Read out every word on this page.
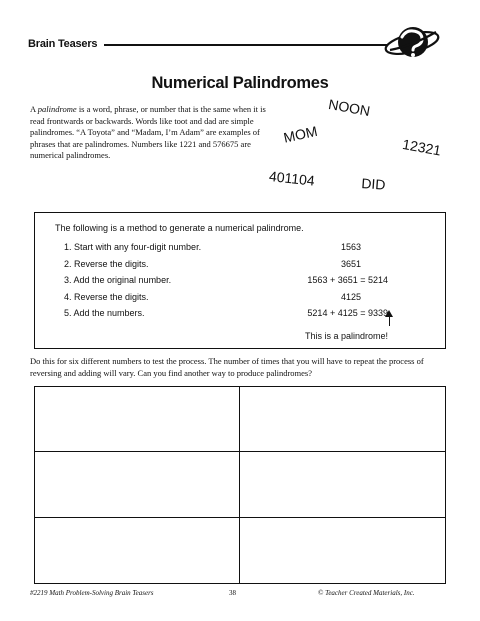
Brain Teasers
Numerical Palindromes
A palindrome is a word, phrase, or number that is the same when it is read frontwards or backwards. Words like toot and dad are simple palindromes. “A Toyota” and “Madam, I’m Adam” are examples of phrases that are palindromes. Numbers like 1221 and 576675 are numerical palindromes.
NOON
MOM
12321
401104	DID
The following is a method to generate a numerical palindrome.
1. Start with any four-digit number.	1563
2. Reverse the digits.	3651
3. Add the original number.	1563 + 3651 = 5214
4. Reverse the digits.	4125
5. Add the numbers.	5214 + 4125 = 9339
This is a palindrome!
Do this for six different numbers to test the process. The number of times that you will have to repeat the process of reversing and adding will vary. Can you find another way to produce palindromes?
#2219 Math Problem-Solving Brain Teasers	38	© Teacher Created Materials, Inc.
